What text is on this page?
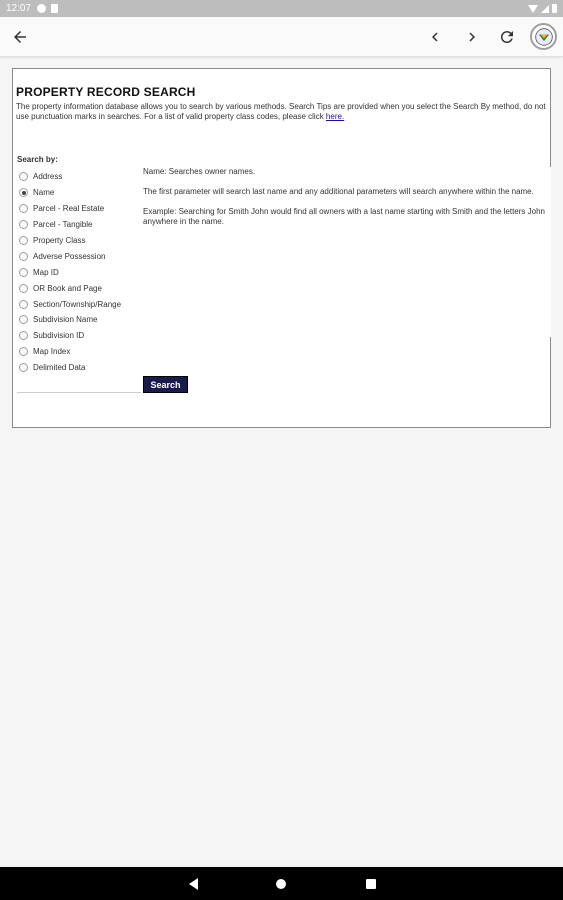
12:07
PROPERTY RECORD SEARCH
The property information database allows you to search by various methods. Search Tips are provided when you select the Search By method, do not use punctuation marks in searches. For a list of valid property class codes, please click here.
Search by:
Address
Name
Parcel - Real Estate
Parcel - Tangible
Property Class
Adverse Possession
Map ID
OR Book and Page
Section/Township/Range
Subdivision Name
Subdivision ID
Map Index
Delimited Data

Name: Searches owner names.

The first parameter will search last name and any additional parameters will search anywhere within the name.

Example: Searching for Smith John would find all owners with a last name starting with Smith and the letters John anywhere in the name.

Search
